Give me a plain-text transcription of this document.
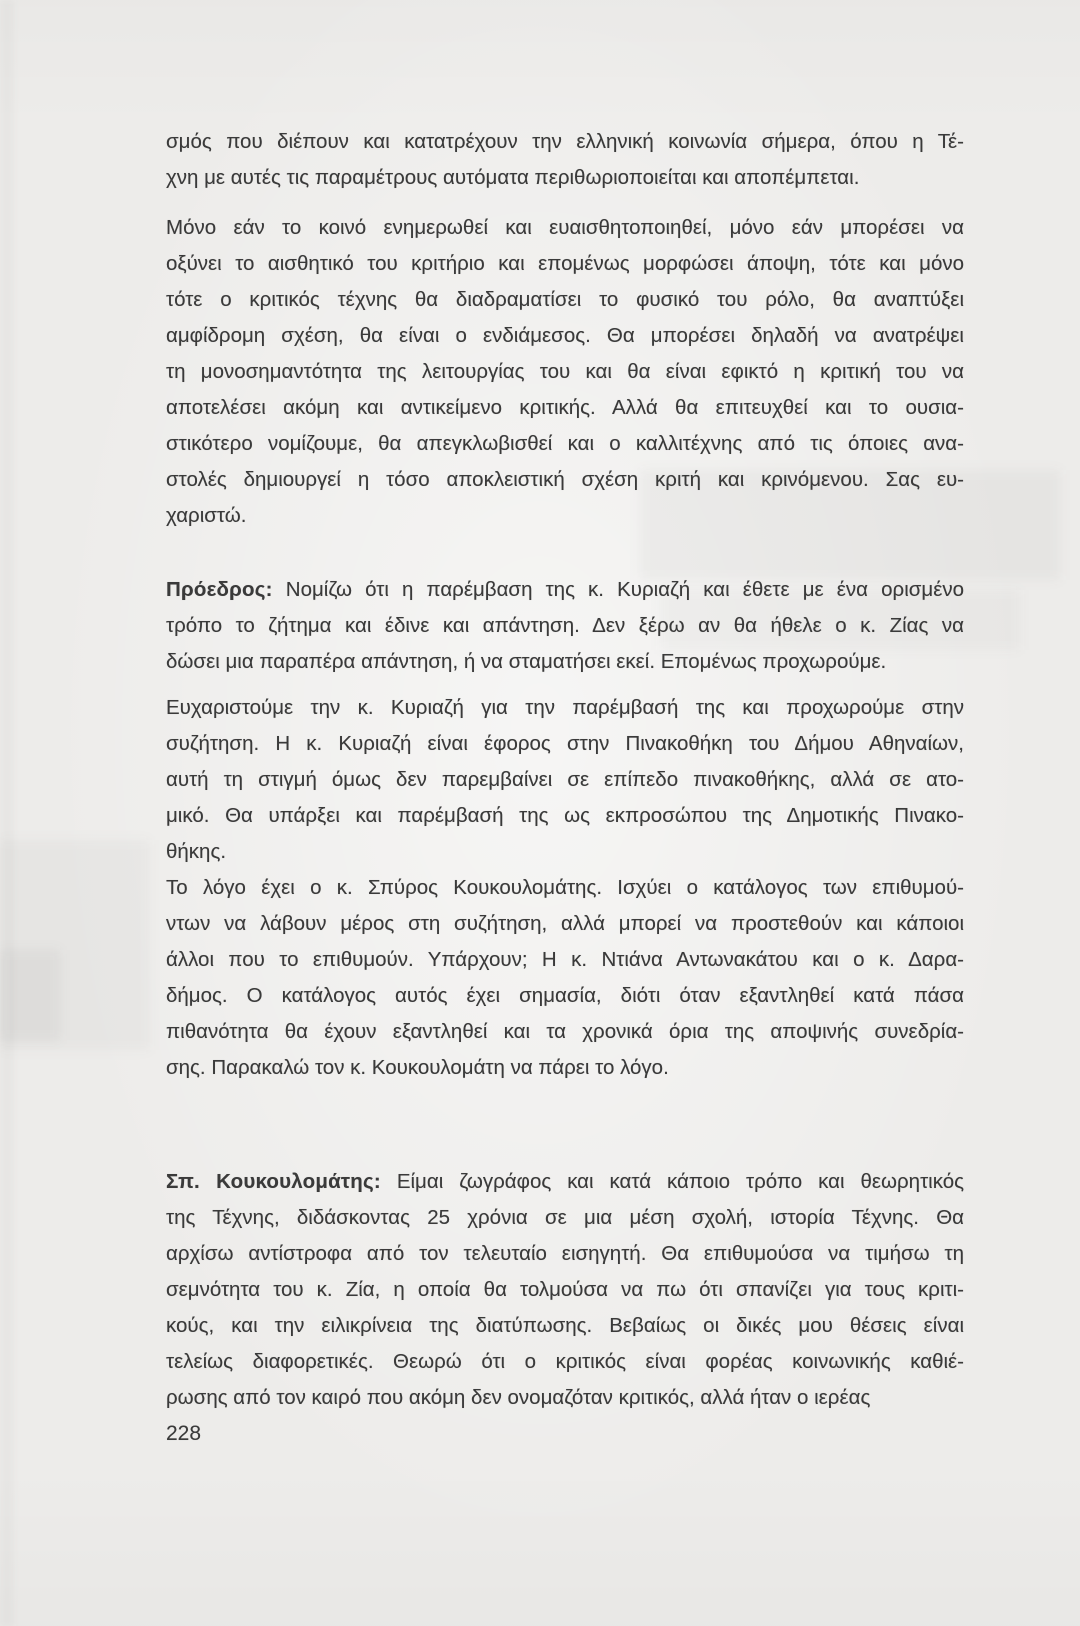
σμός που διέπουν και κατατρέχουν την ελληνική κοινωνία σήμερα, όπου η Τέ-
χνη με αυτές τις παραμέτρους αυτόματα περιθωριοποιείται και αποπέμπεται.

Μόνο εάν το κοινό ενημερωθεί και ευαισθητοποιηθεί, μόνο εάν μπορέσει να
οξύνει το αισθητικό του κριτήριο και επομένως μορφώσει άποψη, τότε και μόνο
τότε ο κριτικός τέχνης θα διαδραματίσει το φυσικό του ρόλο, θα αναπτύξει
αμφίδρομη σχέση, θα είναι ο ενδιάμεσος. Θα μπορέσει δηλαδή να ανατρέψει
τη μονοσημαντότητα της λειτουργίας του και θα είναι εφικτό η κριτική του να
αποτελέσει ακόμη και αντικείμενο κριτικής. Αλλά θα επιτευχθεί και το ουσια-
στικότερο νομίζουμε, θα απεγκλωβισθεί και ο καλλιτέχνης από τις όποιες ανα-
στολές δημιουργεί η τόσο αποκλειστική σχέση κριτή και κρινόμενου. Σας ευ-
χαριστώ.

Πρόεδρος: Νομίζω ότι η παρέμβαση της κ. Κυριαζή και έθετε με ένα ορισμένο
τρόπο το ζήτημα και έδινε και απάντηση. Δεν ξέρω αν θα ήθελε ο κ. Ζίας να
δώσει μια παραπέρα απάντηση, ή να σταματήσει εκεί. Επομένως προχωρούμε.

Ευχαριστούμε την κ. Κυριαζή για την παρέμβασή της και προχωρούμε στην
συζήτηση. Η κ. Κυριαζή είναι έφορος στην Πινακοθήκη του Δήμου Αθηναίων,
αυτή τη στιγμή όμως δεν παρεμβαίνει σε επίπεδο πινακοθήκης, αλλά σε ατο-
μικό. Θα υπάρξει και παρέμβασή της ως εκπροσώπου της Δημοτικής Πινακο-
θήκης.

Το λόγο έχει ο κ. Σπύρος Κουκουλομάτης. Ισχύει ο κατάλογος των επιθυμού-
ντων να λάβουν μέρος στη συζήτηση, αλλά μπορεί να προστεθούν και κάποιοι
άλλοι που το επιθυμούν. Υπάρχουν; Η κ. Ντιάνα Αντωνακάτου και ο κ. Δαρα-
δήμος. Ο κατάλογος αυτός έχει σημασία, διότι όταν εξαντληθεί κατά πάσα
πιθανότητα θα έχουν εξαντληθεί και τα χρονικά όρια της αποψινής συνεδρία-
σης. Παρακαλώ τον κ. Κουκουλομάτη να πάρει το λόγο.

Σπ. Κουκουλομάτης: Είμαι ζωγράφος και κατά κάποιο τρόπο και θεωρητικός
της Τέχνης, διδάσκοντας 25 χρόνια σε μια μέση σχολή, ιστορία Τέχνης. Θα
αρχίσω αντίστροφα από τον τελευταίο εισηγητή. Θα επιθυμούσα να τιμήσω τη
σεμνότητα του κ. Ζία, η οποία θα τολμούσα να πω ότι σπανίζει για τους κριτι-
κούς, και την ειλικρίνεια της διατύπωσης. Βεβαίως οι δικές μου θέσεις είναι
τελείως διαφορετικές. Θεωρώ ότι ο κριτικός είναι φορέας κοινωνικής καθιέ-
ρωσης από τον καιρό που ακόμη δεν ονομαζόταν κριτικός, αλλά ήταν ο ιερέας

228
